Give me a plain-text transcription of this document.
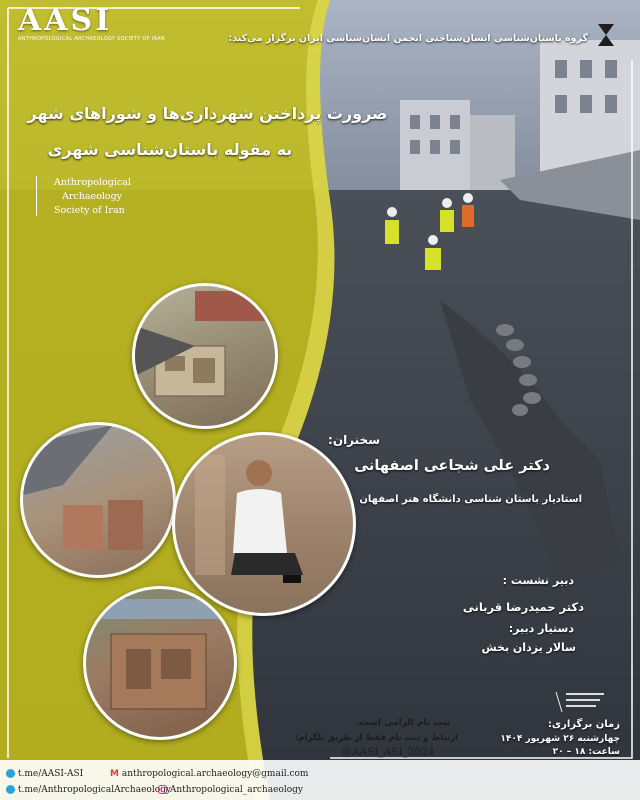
AASI
ANTHROPOLOGICAL ARCHAEOLOGY SOCIETY OF IRAN	گروه باستان‌شناسی انسان‌شناختی انجمن انسان‌شناسی ایران برگزار می‌کند:
ضرورت پرداختن شهرداری‌ها و شوراهای شهر
به مقوله باستان‌شناسی شهری
Anthropological
Archaeology
Society of Iran
سخنران:
دکتر علی شجاعی اصفهانی
استادیار باستان شناسی دانشگاه هنر اصفهان
دبیر نشست :
دکتر حمیدرضا قربانی
دستیار دبیر:
سالار یزدان بخش
ثبت نام الزامی است.
ارتباط و ثبت نام فقط از طریق تلگرام:
@AASI_ASI_2024
زمان برگزاری:
چهارشنبه ۲۶ شهریور ۱۴۰۴
ساعت: ۱۸ – ۲۰
t.me/AASI-ASI	M anthropological.archaeology@gmail.com
t.me/AnthropologicalArchaeology
Anthropological_archaeology
